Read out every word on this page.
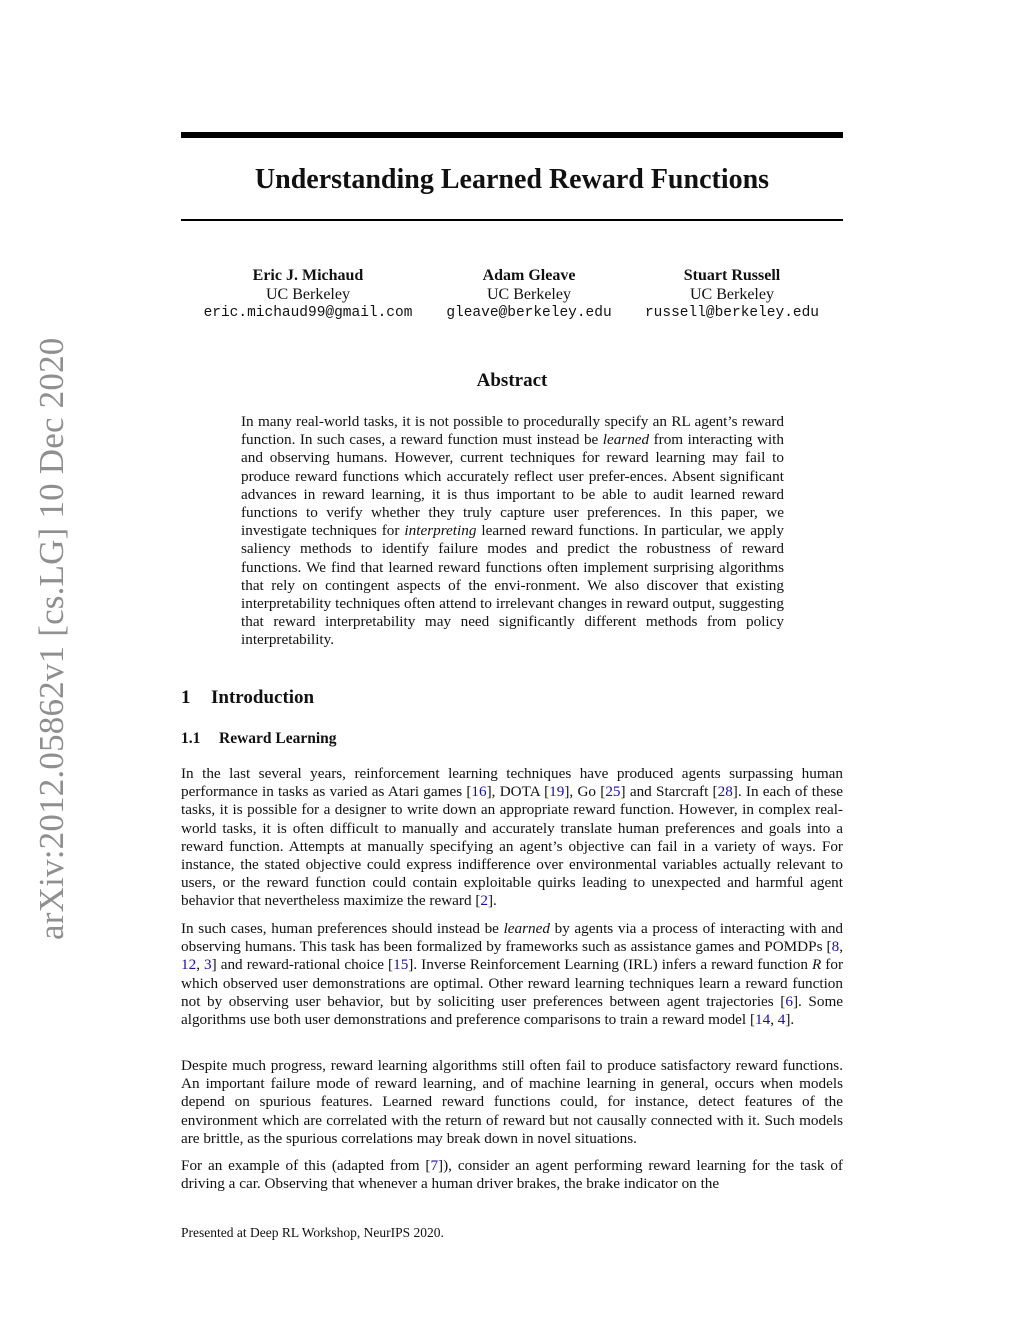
arXiv:2012.05862v1 [cs.LG] 10 Dec 2020
Understanding Learned Reward Functions
Eric J. Michaud
UC Berkeley
eric.michaud99@gmail.com
Adam Gleave
UC Berkeley
gleave@berkeley.edu
Stuart Russell
UC Berkeley
russell@berkeley.edu
Abstract

In many real-world tasks, it is not possible to procedurally specify an RL agent’s reward function. In such cases, a reward function must instead be learned from interacting with and observing humans. However, current techniques for reward learning may fail to produce reward functions which accurately reflect user prefer-ences. Absent significant advances in reward learning, it is thus important to be able to audit learned reward functions to verify whether they truly capture user preferences. In this paper, we investigate techniques for interpreting learned reward functions. In particular, we apply saliency methods to identify failure modes and predict the robustness of reward functions. We find that learned reward functions often implement surprising algorithms that rely on contingent aspects of the envi-ronment. We also discover that existing interpretability techniques often attend to irrelevant changes in reward output, suggesting that reward interpretability may need significantly different methods from policy interpretability.

1 Introduction
1.1 Reward Learning

In the last several years, reinforcement learning techniques have produced agents surpassing human performance in tasks as varied as Atari games [16], DOTA [19], Go [25] and Starcraft [28]. In each of these tasks, it is possible for a designer to write down an appropriate reward function. However, in complex real-world tasks, it is often difficult to manually and accurately translate human preferences and goals into a reward function. Attempts at manually specifying an agent’s objective can fail in a variety of ways. For instance, the stated objective could express indifference over environmental variables actually relevant to users, or the reward function could contain exploitable quirks leading to unexpected and harmful agent behavior that nevertheless maximize the reward [2].

In such cases, human preferences should instead be learned by agents via a process of interacting with and observing humans. This task has been formalized by frameworks such as assistance games and POMDPs [8, 12, 3] and reward-rational choice [15]. Inverse Reinforcement Learning (IRL) infers a reward function R for which observed user demonstrations are optimal. Other reward learning techniques learn a reward function not by observing user behavior, but by soliciting user preferences between agent trajectories [6]. Some algorithms use both user demonstrations and preference comparisons to train a reward model [14, 4].

Despite much progress, reward learning algorithms still often fail to produce satisfactory reward functions. An important failure mode of reward learning, and of machine learning in general, occurs when models depend on spurious features. Learned reward functions could, for instance, detect features of the environment which are correlated with the return of reward but not causally connected with it. Such models are brittle, as the spurious correlations may break down in novel situations.

For an example of this (adapted from [7]), consider an agent performing reward learning for the task of driving a car. Observing that whenever a human driver brakes, the brake indicator on the

Presented at Deep RL Workshop, NeurIPS 2020.
